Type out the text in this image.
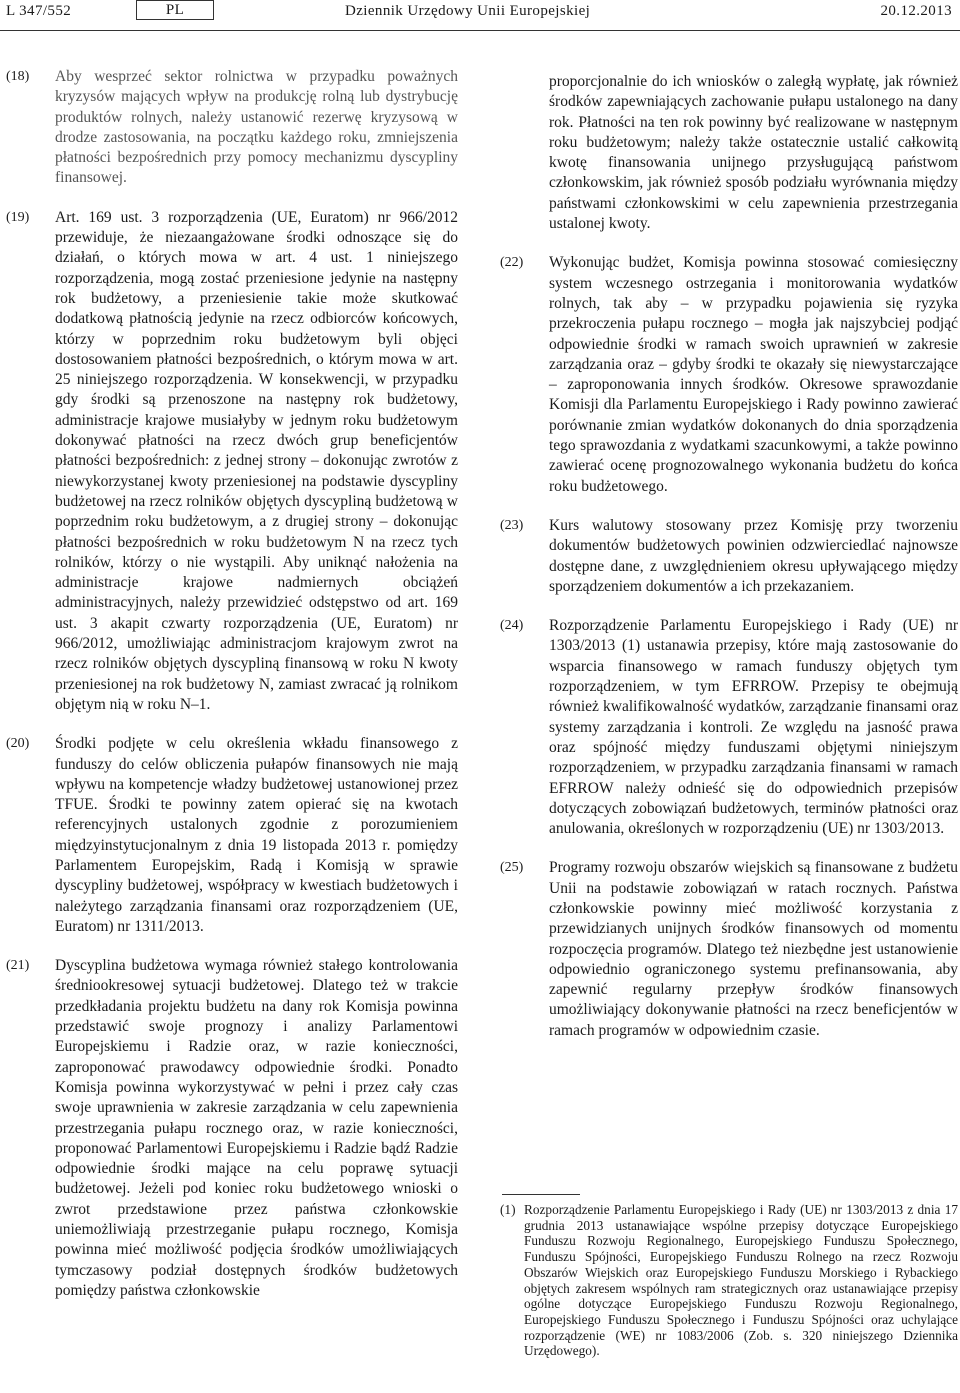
L 347/552	PL	Dziennik Urzędowy Unii Europejskiej	20.12.2013
(18)	Aby wesprzeć sektor rolnictwa w przypadku poważnych kryzysów mających wpływ na produkcję rolną lub dystrybucję produktów rolnych, należy ustanowić rezerwę kryzysową w drodze zastosowania, na początku każdego roku, zmniejszenia płatności bezpośrednich przy pomocy mechanizmu dyscypliny finansowej.
(19)	Art. 169 ust. 3 rozporządzenia (UE, Euratom) nr 966/2012 przewiduje, że niezaangażowane środki odnoszące się do działań, o których mowa w art. 4 ust. 1 niniejszego rozporządzenia, mogą zostać przeniesione jedynie na następny rok budżetowy, a przeniesienie takie może skutkować dodatkową płatnością jedynie na rzecz odbiorców końcowych, którzy w poprzednim roku budżetowym byli objęci dostosowaniem płatności bezpośrednich, o którym mowa w art. 25 niniejszego rozporządzenia. W konsekwencji, w przypadku gdy środki są przenoszone na następny rok budżetowy, administracje krajowe musiałyby w jednym roku budżetowym dokonywać płatności na rzecz dwóch grup beneficjentów płatności bezpośrednich: z jednej strony – dokonując zwrotów z niewykorzystanej kwoty przeniesionej na podstawie dyscypliny budżetowej na rzecz rolników objętych dyscypliną budżetową w poprzednim roku budżetowym, a z drugiej strony – dokonując płatności bezpośrednich w roku budżetowym N na rzecz tych rolników, którzy o nie wystąpili. Aby uniknąć nałożenia na administracje krajowe nadmiernych obciążeń administracyjnych, należy przewidzieć odstępstwo od art. 169 ust. 3 akapit czwarty rozporządzenia (UE, Euratom) nr 966/2012, umożliwiając administracjom krajowym zwrot na rzecz rolników objętych dyscypliną finansową w roku N kwoty przeniesionej na rok budżetowy N, zamiast zwracać ją rolnikom objętym nią w roku N–1.
(20)	Środki podjęte w celu określenia wkładu finansowego z funduszy do celów obliczenia pułapów finansowych nie mają wpływu na kompetencje władzy budżetowej ustanowionej przez TFUE. Środki te powinny zatem opierać się na kwotach referencyjnych ustalonych zgodnie z porozumieniem międzyinstytucjonalnym z dnia 19 listopada 2013 r. pomiędzy Parlamentem Europejskim, Radą i Komisją w sprawie dyscypliny budżetowej, współpracy w kwestiach budżetowych i należytego zarządzania finansami oraz rozporządzeniem (UE, Euratom) nr 1311/2013.
(21)	Dyscyplina budżetowa wymaga również stałego kontrolowania średniookresowej sytuacji budżetowej. Dlatego też w trakcie przedkładania projektu budżetu na dany rok Komisja powinna przedstawić swoje prognozy i analizy Parlamentowi Europejskiemu i Radzie oraz, w razie konieczności, zaproponować prawodawcy odpowiednie środki. Ponadto Komisja powinna wykorzystywać w pełni i przez cały czas swoje uprawnienia w zakresie zarządzania w celu zapewnienia przestrzegania pułapu rocznego oraz, w razie konieczności, proponować Parlamentowi Europejskiemu i Radzie bądź Radzie odpowiednie środki mające na celu poprawę sytuacji budżetowej. Jeżeli pod koniec roku budżetowego wnioski o zwrot przedstawione przez państwa członkowskie uniemożliwiają przestrzeganie pułapu rocznego, Komisja powinna mieć możliwość podjęcia środków umożliwiających tymczasowy podział dostępnych środków budżetowych pomiędzy państwa członkowskie
proporcjonalnie do ich wniosków o zaległą wypłatę, jak również środków zapewniających zachowanie pułapu ustalonego na dany rok. Płatności na ten rok powinny być realizowane w następnym roku budżetowym; należy także ostatecznie ustalić całkowitą kwotę finansowania unijnego przysługującą państwom członkowskim, jak również sposób podziału wyrównania między państwami członkowskimi w celu zapewnienia przestrzegania ustalonej kwoty.
(22)	Wykonując budżet, Komisja powinna stosować comiesięczny system wczesnego ostrzegania i monitorowania wydatków rolnych, tak aby – w przypadku pojawienia się ryzyka przekroczenia pułapu rocznego – mogła jak najszybciej podjąć odpowiednie środki w ramach swoich uprawnień w zakresie zarządzania oraz – gdyby środki te okazały się niewystarczające – zaproponowania innych środków. Okresowe sprawozdanie Komisji dla Parlamentu Europejskiego i Rady powinno zawierać porównanie zmian wydatków dokonanych do dnia sporządzenia tego sprawozdania z wydatkami szacunkowymi, a także powinno zawierać ocenę prognozowalnego wykonania budżetu do końca roku budżetowego.
(23)	Kurs walutowy stosowany przez Komisję przy tworzeniu dokumentów budżetowych powinien odzwierciedlać najnowsze dostępne dane, z uwzględnieniem okresu upływającego między sporządzeniem dokumentów a ich przekazaniem.
(24)	Rozporządzenie Parlamentu Europejskiego i Rady (UE) nr 1303/2013 (1) ustanawia przepisy, które mają zastosowanie do wsparcia finansowego w ramach funduszy objętych tym rozporządzeniem, w tym EFRROW. Przepisy te obejmują również kwalifikowalność wydatków, zarządzanie finansami oraz systemy zarządzania i kontroli. Ze względu na jasność prawa oraz spójność między funduszami objętymi niniejszym rozporządzeniem, w przypadku zarządzania finansami w ramach EFRROW należy odnieść się do odpowiednich przepisów dotyczących zobowiązań budżetowych, terminów płatności oraz anulowania, określonych w rozporządzeniu (UE) nr 1303/2013.
(25)	Programy rozwoju obszarów wiejskich są finansowane z budżetu Unii na podstawie zobowiązań w ratach rocznych. Państwa członkowskie powinny mieć możliwość korzystania z przewidzianych unijnych środków finansowych od momentu rozpoczęcia programów. Dlatego też niezbędne jest ustanowienie odpowiednio ograniczonego systemu prefinansowania, aby zapewnić regularny przepływ środków finansowych umożliwiający dokonywanie płatności na rzecz beneficjentów w ramach programów w odpowiednim czasie.
(1) Rozporządzenie Parlamentu Europejskiego i Rady (UE) nr 1303/2013 z dnia 17 grudnia 2013 ustanawiające wspólne przepisy dotyczące Europejskiego Funduszu Rozwoju Regionalnego, Europejskiego Funduszu Społecznego, Funduszu Spójności, Europejskiego Funduszu Rolnego na rzecz Rozwoju Obszarów Wiejskich oraz Europejskiego Funduszu Morskiego i Rybackiego objętych zakresem wspólnych ram strategicznych oraz ustanawiające przepisy ogólne dotyczące Europejskiego Funduszu Rozwoju Regionalnego, Europejskiego Funduszu Społecznego i Funduszu Spójności oraz uchylające rozporządzenie (WE) nr 1083/2006 (Zob. s. 320 niniejszego Dziennika Urzędowego).
